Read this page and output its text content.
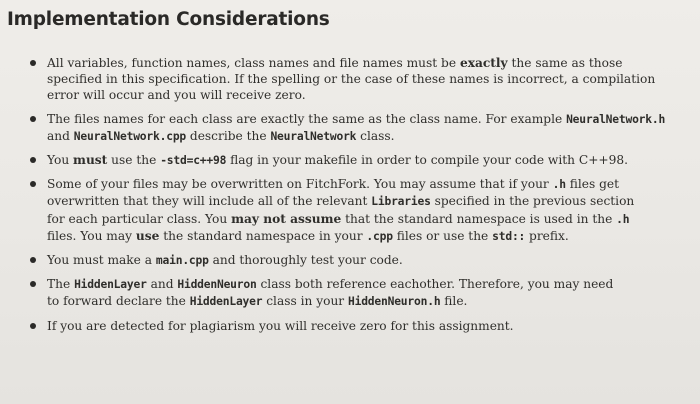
Implementation Considerations
All variables, function names, class names and file names must be exactly the same as those
specified in this specification. If the spelling or the case of these names is incorrect, a compilation
error will occur and you will receive zero.
The files names for each class are exactly the same as the class name. For example NeuralNetwork.h
and NeuralNetwork.cpp describe the NeuralNetwork class.
You must use the -std=c++98 flag in your makefile in order to compile your code with C++98.
Some of your files may be overwritten on FitchFork. You may assume that if your .h files get
overwritten that they will include all of the relevant Libraries specified in the previous section
for each particular class. You may not assume that the standard namespace is used in the .h
files. You may use the standard namespace in your .cpp files or use the std:: prefix.
You must make a main.cpp and thoroughly test your code.
The HiddenLayer and HiddenNeuron class both reference eachother. Therefore, you may need
to forward declare the HiddenLayer class in your HiddenNeuron.h file.
If you are detected for plagiarism you will receive zero for this assignment.
